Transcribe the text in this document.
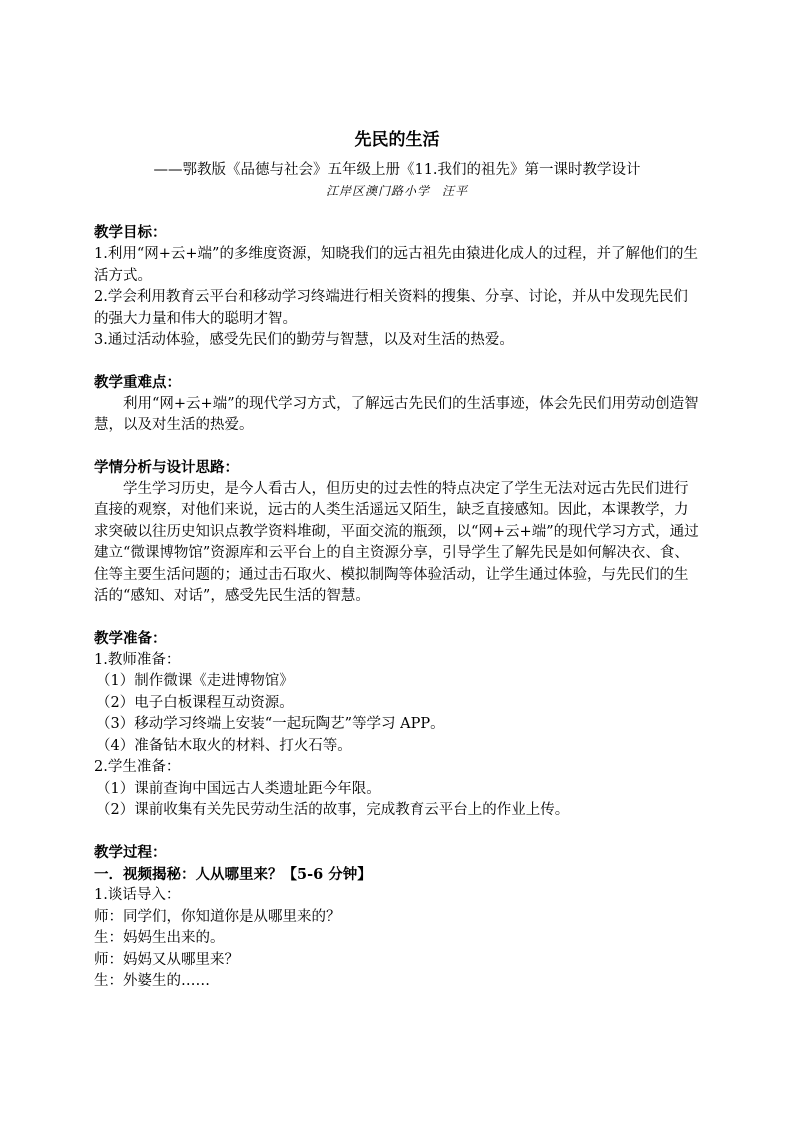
先民的生活
——鄂教版《品德与社会》五年级上册《11.我们的祖先》第一课时教学设计
江岸区澳门路小学 汪平
教学目标：
1.利用“网+云+端”的多维度资源，知晓我们的远古祖先由猿进化成人的过程，并了解他们的生活方式。
2.学会利用教育云平台和移动学习终端进行相关资料的搜集、分享、讨论，并从中发现先民们的强大力量和伟大的聪明才智。
3.通过活动体验，感受先民们的勤劳与智慧，以及对生活的热爱。
教学重难点：

利用“网+云+端”的现代学习方式，了解远古先民们的生活事迹，体会先民们用劳动创造智慧，以及对生活的热爱。

学情分析与设计思路：

学生学习历史，是今人看古人，但历史的过去性的特点决定了学生无法对远古先民们进行直接的观察，对他们来说，远古的人类生活遥远又陌生，缺乏直接感知。因此，本课教学，力求突破以往历史知识点教学资料堆砌，平面交流的瓶颈，以“网+云+端”的现代学习方式，通过建立“微课博物馆”资源库和云平台上的自主资源分享，引导学生了解先民是如何解决衣、食、住等主要生活问题的；通过击石取火、模拟制陶等体验活动，让学生通过体验，与先民们的生活的“感知、对话”，感受先民生活的智慧。

教学准备：
1.教师准备：
（1）制作微课《走进博物馆》
（2）电子白板课程互动资源。
（3）移动学习终端上安装“一起玩陶艺”等学习 APP。
（4）准备钻木取火的材料、打火石等。
2.学生准备：
（1）课前查询中国远古人类遗址距今年限。
（2）课前收集有关先民劳动生活的故事，完成教育云平台上的作业上传。
教学过程：
一．视频揭秘：人从哪里来？【5-6 分钟】
1.谈话导入：
师：同学们，你知道你是从哪里来的？
生：妈妈生出来的。
师：妈妈又从哪里来？
生：外婆生的……
